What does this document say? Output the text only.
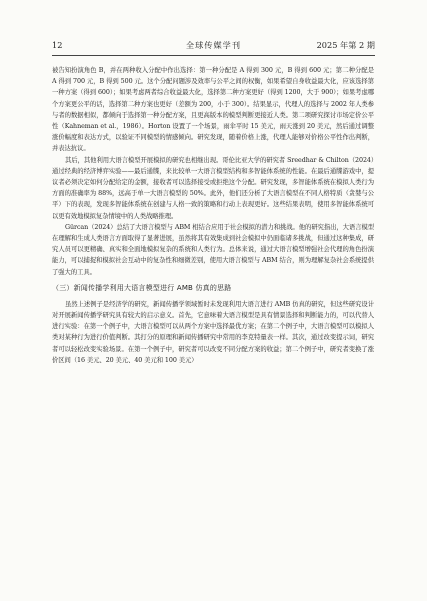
12	全球传媒学刊	2025 年第 2 期

被告知扮演角色 B，并在两种收入分配中作出选择：第一种分配是 A 得到 300 元，B 得到 600 元；第二种分配是 A 得到 700 元，B 得到 500 元。这个分配问题涉及效率与公平之间的权衡，如果希望自身收益最大化，应该选择第一种方案（得到 600）；如果考虑两者综合收益最大化，选择第二种方案更好（得到 1200，大于 900）；如果考虑哪个方案更公平的话，选择第二种方案也更好（差额为 200，小于 300）。结果显示，代理人的选择与 2002 年人类参与者的数据相似，都倾向于选择第一种分配方案，且更高版本的模型判断更接近人类。第二项研究探讨市场定价公平性（Kahneman et al.，1986）。Horton 设置了一个场景，雨伞平时 15 美元，雨天涨到 20 美元，然后通过调整涨价幅度和表达方式，以验证不同模型的情感倾向。研究发现，随着价格上涨，代理人能够对价格公平性作出判断，并表达抗议。

其后，其他利用大语言模型开展模拟的研究也相继出现。哥伦比亚大学的研究者 Sreedhar & Chilton（2024）通过经典的经济博弈实验——最后通牒，来比较单一大语言模型结构和多智能体系统的性能。在最后通牒游戏中，提议者必须决定如何分配给定的金额，接收者可以选择接受或拒绝这个分配。研究发现，多智能体系统在模拟人类行为方面的准确率为 88%，远高于单一大语言模型的 50%。此外，他们还分析了大语言模型在不同人格特质（贪婪与公平）下的表现，发现多智能体系统在创建与人格一致的策略和行动上表现更好。这些结果表明，使用多智能体系统可以更有效地模拟复杂情境中的人类战略推理。

Gürcan（2024）总结了大语言模型与 ABM 相结合应用于社会模拟的潜力和挑战。他的研究指出，大语言模型在理解和生成人类语言方面取得了显著进展，虽然将其有效集成到社会模拟中仍面临诸多挑战，但通过这种集成，研究人员可以更精确、真实和全面地模拟复杂的系统和人类行为。总体来说，通过大语言模型增强社会代理的角色扮演能力，可以捕捉和模拟社会互动中的复杂性和细微差别，使用大语言模型与 ABM 结合，则为理解复杂社会系统提供了强大的工具。

（三）新闻传播学利用大语言模型进行 AMB 仿真的思路

虽然上述例子是经济学的研究，新闻传播学领域暂时未发现利用大语言进行 AMB 仿真的研究，但这些研究设计对开展新闻传播学研究具有较大的启示意义。首先，它意味着大语言模型是具有情景选择和判断能力的，可以代替人进行实验：在第一个例子中，大语言模型可以从两个方案中选择最优方案；在第二个例子中，大语言模型可以模拟人类对某种行为进行价值判断。其打分的原理和新闻传播研究中常用的李克特量表一样。其次，通过改变提示词，研究者可以轻松改变实验场景。在第一个例子中，研究者可以改变不同分配方案的收益；第二个例子中，研究者变换了涨价区间（16 美元、20 美元、40 美元和 100 美元）
